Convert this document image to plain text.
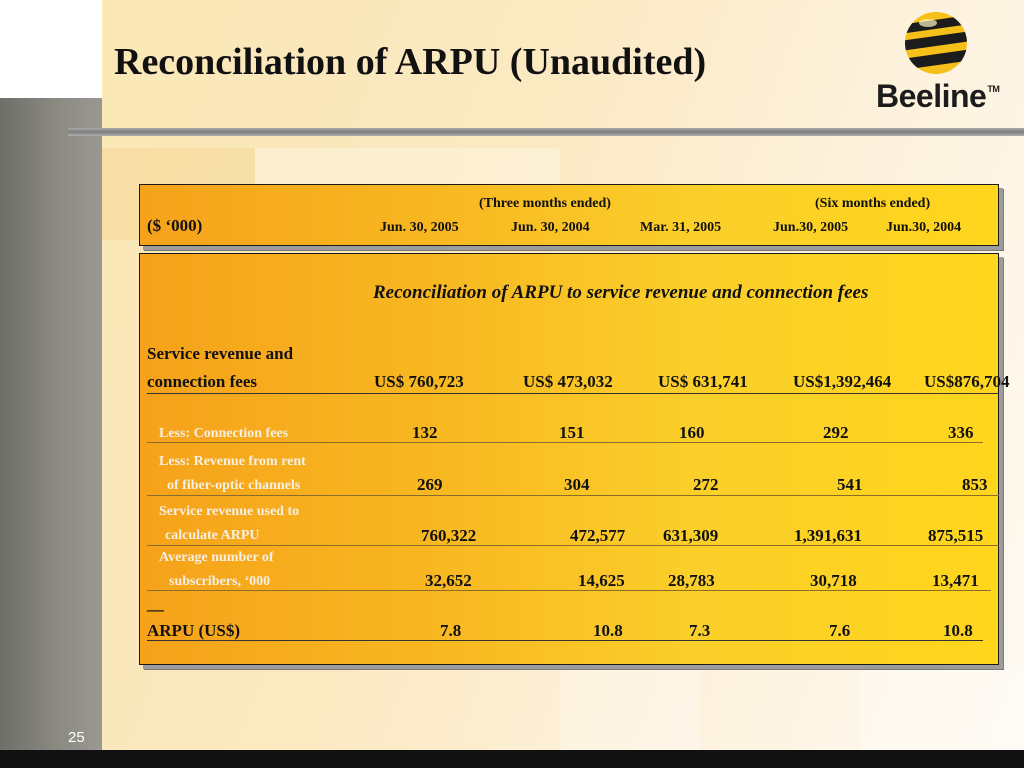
Reconciliation of ARPU (Unaudited)
Beeline™
(Three months ended)	(Six months ended)
($ ‘000)	Jun. 30, 2005	Jun. 30, 2004	Mar. 31, 2005	Jun.30, 2005	Jun.30, 2004
Reconciliation of ARPU to service revenue and connection fees
Service revenue and
connection fees	US$ 760,723	US$ 473,032	US$ 631,741	US$1,392,464 US$876,704
Less: Connection fees	132	151	160	292	336
Less: Revenue from rent
of fiber-optic channels	269	304	272	541	853
Service revenue used to
calculate ARPU	760,322	472,577 631,309	1,391,631	875,515
Average number of
subscribers, ‘000	32,652	14,625	28,783	30,718	13,471
__
ARPU (US$)	7.8	10.8	7.3	7.6	10.8
25
